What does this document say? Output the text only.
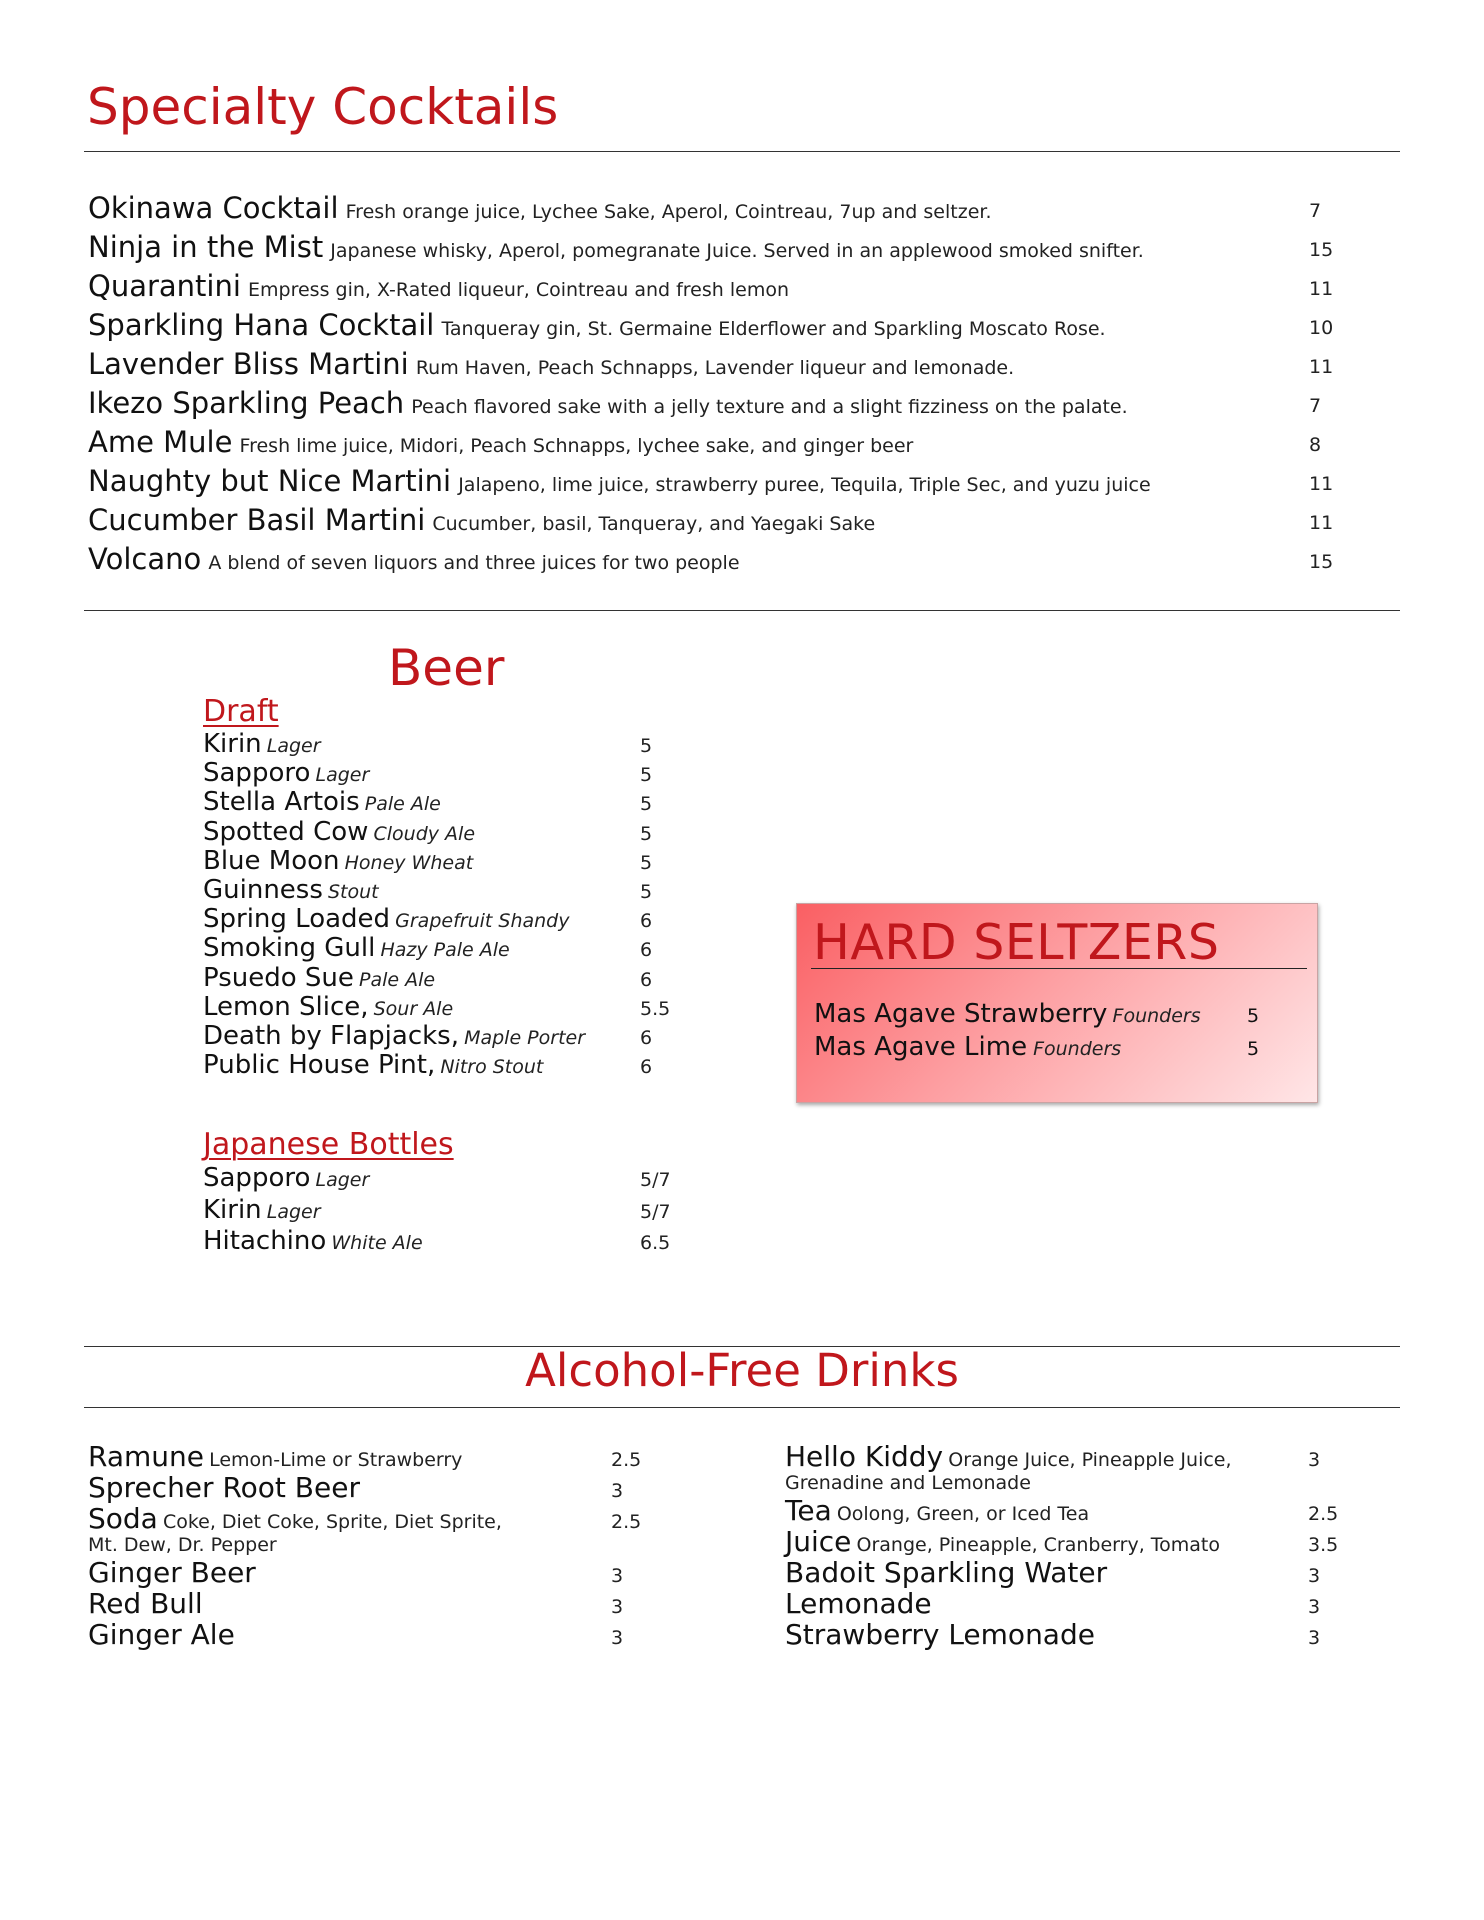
Specialty Cocktails
Okinawa Cocktail Fresh orange juice, Lychee Sake, Aperol, Cointreau, 7up and seltzer.	7
Ninja in the Mist Japanese whisky, Aperol, pomegranate Juice. Served in an applewood smoked snifter.	15
Quarantini Empress gin, X-Rated liqueur, Cointreau and fresh lemon	11
Sparkling Hana Cocktail Tanqueray gin, St. Germaine Elderflower and Sparkling Moscato Rose.	10
Lavender Bliss Martini Rum Haven, Peach Schnapps, Lavender liqueur and lemonade.	11
Ikezo Sparkling Peach Peach flavored sake with a jelly texture and a slight fizziness on the palate.	7
Ame Mule Fresh lime juice, Midori, Peach Schnapps, lychee sake, and ginger beer	8
Naughty but Nice Martini Jalapeno, lime juice, strawberry puree, Tequila, Triple Sec, and yuzu juice	11
Cucumber Basil Martini Cucumber, basil, Tanqueray, and Yaegaki Sake	11
Volcano A blend of seven liquors and three juices for two people	15
Beer
Draft
Kirin Lager	5
Sapporo Lager	5
Stella Artois Pale Ale	5
Spotted Cow Cloudy Ale	5
Blue Moon Honey Wheat	5
Guinness Stout	5
Spring Loaded Grapefruit Shandy	6
Smoking Gull Hazy Pale Ale	6
Psuedo Sue Pale Ale	6
Lemon Slice, Sour Ale	5.5
Death by Flapjacks, Maple Porter	6
Public House Pint, Nitro Stout	6
Japanese Bottles
Sapporo Lager	5/7
Kirin Lager	5/7
Hitachino White Ale	6.5
HARD SELTZERS
Mas Agave Strawberry Founders 5
Mas Agave Lime Founders	5
Alcohol-Free Drinks
Ramune Lemon-Lime or Strawberry	2.5
Sprecher Root Beer	3
Soda Coke, Diet Coke, Sprite, Diet Sprite, Mt. Dew, Dr. Pepper
2.5
Ginger Beer	3
Red Bull	3
Ginger Ale	3
Hello Kiddy Orange Juice, Pineapple Juice, Grenadine and Lemonade
3
Tea Oolong, Green, or Iced Tea	2.5
Juice Orange, Pineapple, Cranberry, Tomato	3.5
Badoit Sparkling Water	3
Lemonade	3
Strawberry Lemonade	3
